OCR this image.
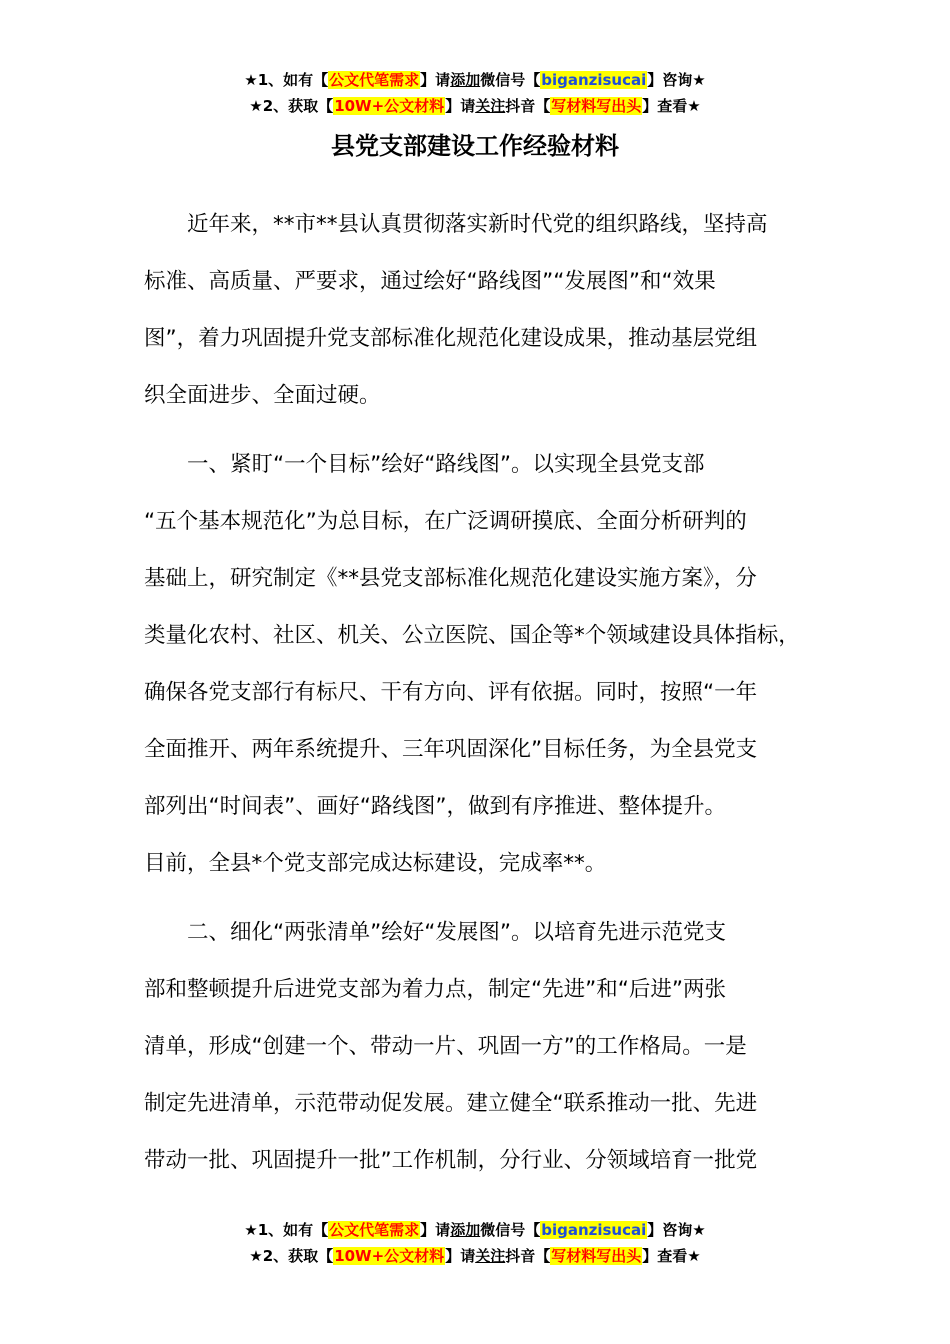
★1、如有【公文代笔需求】请添加微信号【biganzisucai】咨询★
★2、获取【10W+公文材料】请关注抖音【写材料写出头】查看★
县党支部建设工作经验材料
近年来，**市**县认真贯彻落实新时代党的组织路线，坚持高
标准、高质量、严要求，通过绘好“路线图”“发展图”和“效果
图”，着力巩固提升党支部标准化规范化建设成果，推动基层党组
织全面进步、全面过硬。
一、紧盯“一个目标”绘好“路线图”。以实现全县党支部
“五个基本规范化”为总目标，在广泛调研摸底、全面分析研判的
基础上，研究制定《**县党支部标准化规范化建设实施方案》，分
类量化农村、社区、机关、公立医院、国企等*个领域建设具体指标，
确保各党支部行有标尺、干有方向、评有依据。同时，按照“一年
全面推开、两年系统提升、三年巩固深化”目标任务，为全县党支
部列出“时间表”、画好“路线图”，做到有序推进、整体提升。
目前，全县*个党支部完成达标建设，完成率**。
二、细化“两张清单”绘好“发展图”。以培育先进示范党支
部和整顿提升后进党支部为着力点，制定“先进”和“后进”两张
清单，形成“创建一个、带动一片、巩固一方”的工作格局。一是
制定先进清单，示范带动促发展。建立健全“联系推动一批、先进
带动一批、巩固提升一批”工作机制，分行业、分领域培育一批党
★1、如有【公文代笔需求】请添加微信号【biganzisucai】咨询★
★2、获取【10W+公文材料】请关注抖音【写材料写出头】查看★
